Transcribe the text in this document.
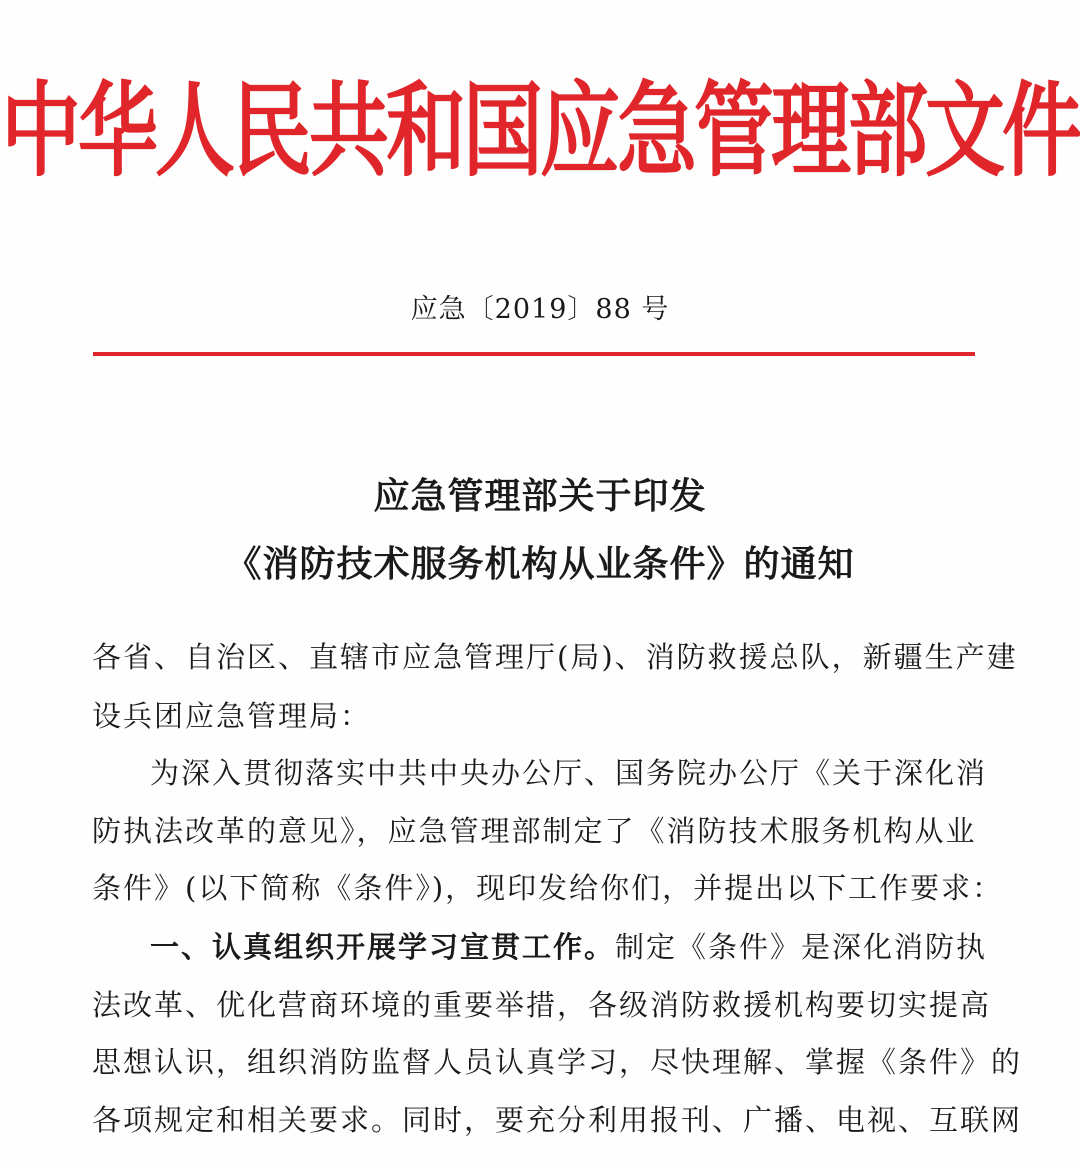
中华人民共和国应急管理部文件
应急〔2019〕88 号
应急管理部关于印发
《消防技术服务机构从业条件》的通知
各省、自治区、直辖市应急管理厅(局)、消防救援总队，新疆生产建
设兵团应急管理局：
为深入贯彻落实中共中央办公厅、国务院办公厅《关于深化消
防执法改革的意见》，应急管理部制定了《消防技术服务机构从业
条件》(以下简称《条件》)，现印发给你们，并提出以下工作要求：
一、认真组织开展学习宣贯工作。制定《条件》是深化消防执
法改革、优化营商环境的重要举措，各级消防救援机构要切实提高
思想认识，组织消防监督人员认真学习，尽快理解、掌握《条件》的
各项规定和相关要求。同时，要充分利用报刊、广播、电视、互联网
